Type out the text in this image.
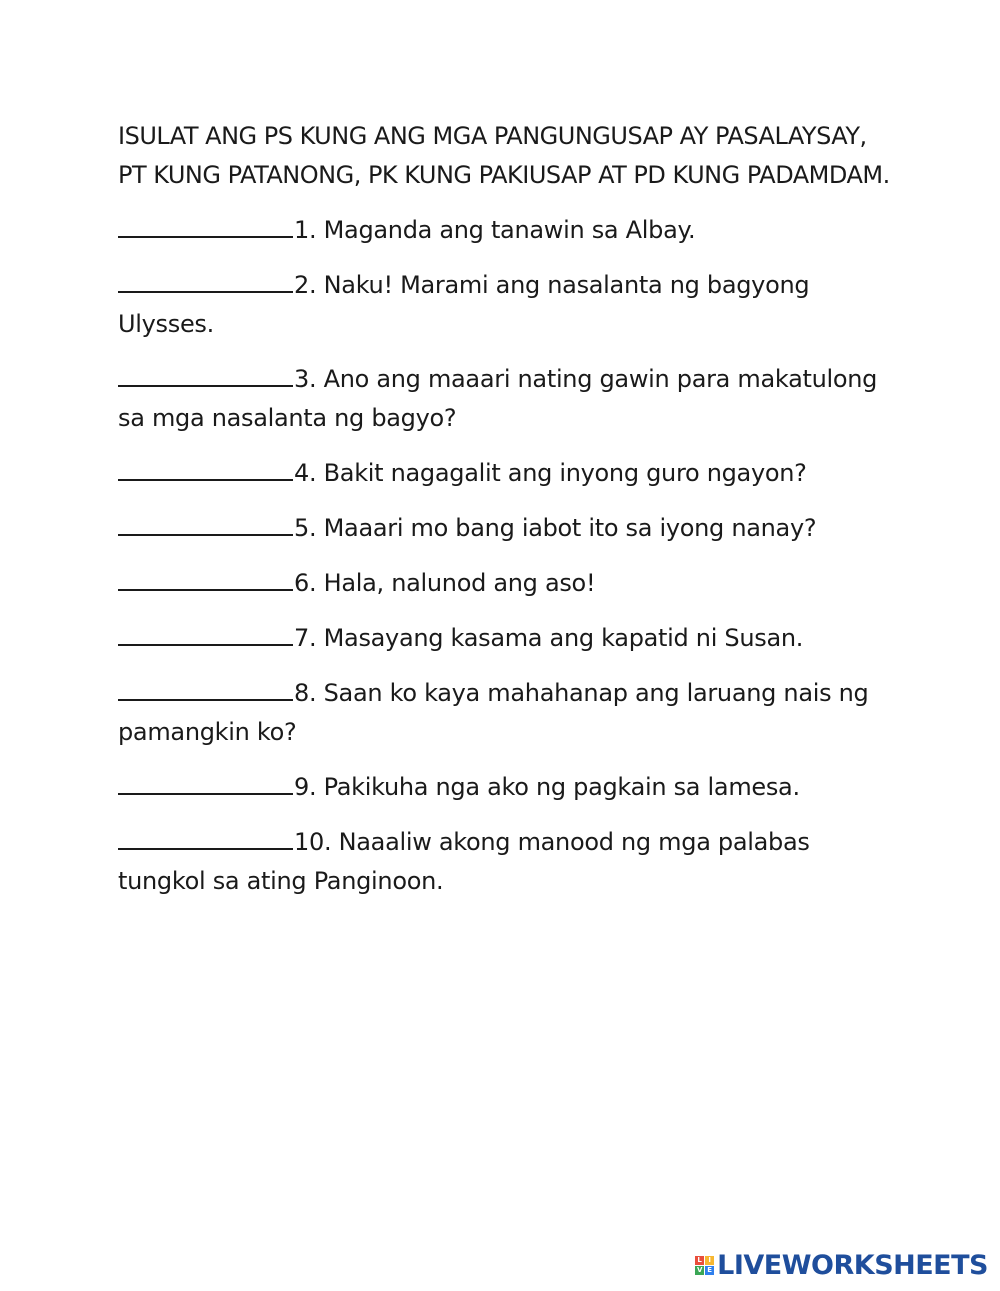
ISULAT ANG PS KUNG ANG MGA PANGUNGUSAP AY PASALAYSAY, PT KUNG PATANONG, PK KUNG PAKIUSAP AT PD KUNG PADAMDAM.

1. Maganda ang tanawin sa Albay.
2. Naku! Marami ang nasalanta ng bagyong Ulysses.
3. Ano ang maaari nating gawin para makatulong sa mga nasalanta ng bagyo?
4. Bakit nagagalit ang inyong guro ngayon?
5. Maaari mo bang iabot ito sa iyong nanay?
6. Hala, nalunod ang aso!
7. Masayang kasama ang kapatid ni Susan.
8. Saan ko kaya mahahanap ang laruang nais ng pamangkin ko?
9. Pakikuha nga ako ng pagkain sa lamesa.
10. Naaaliw akong manood ng mga palabas tungkol sa ating Panginoon.
L I
V E LIVEWORKSHEETS
